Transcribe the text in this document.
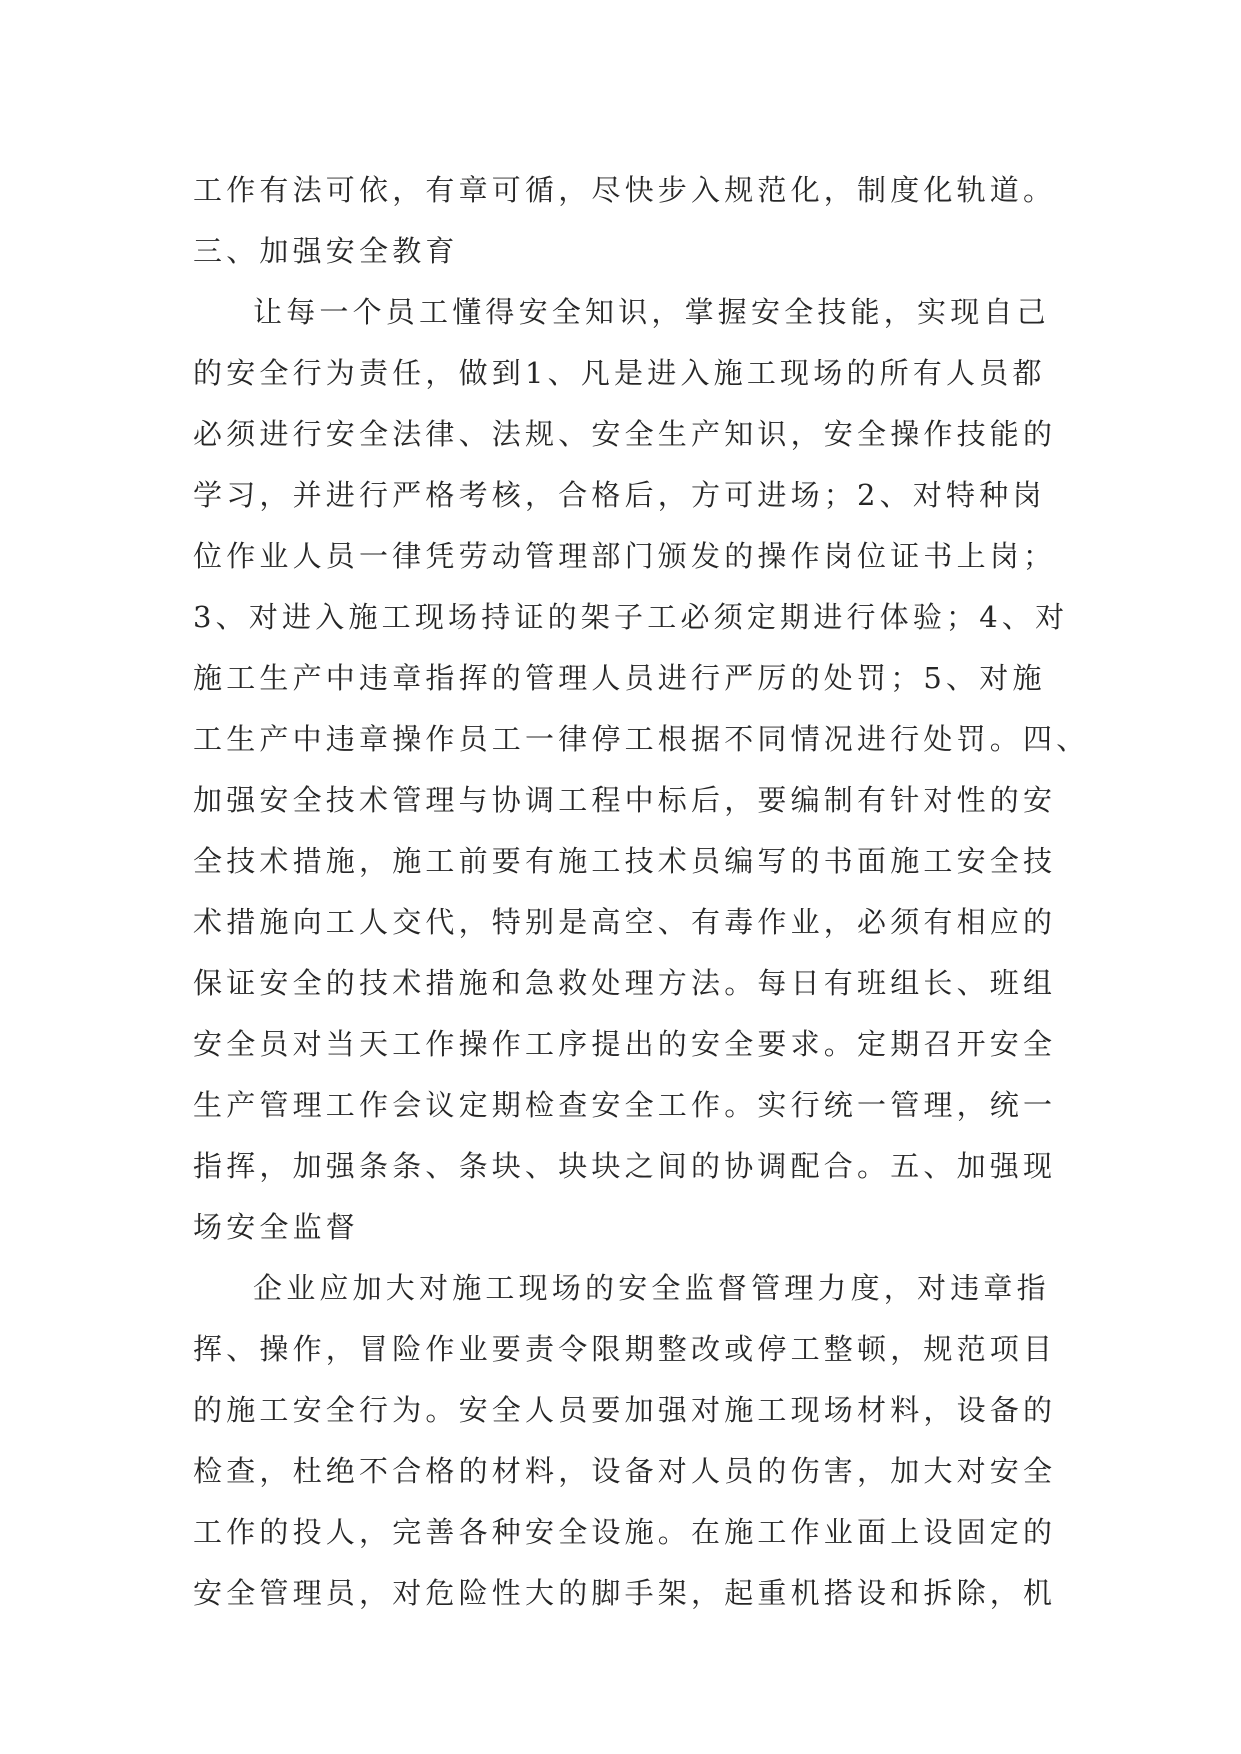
工作有法可依，有章可循，尽快步入规范化，制度化轨道。
三、加强安全教育
让每一个员工懂得安全知识，掌握安全技能，实现自己
的安全行为责任，做到1、凡是进入施工现场的所有人员都
必须进行安全法律、法规、安全生产知识，安全操作技能的
学习，并进行严格考核，合格后，方可进场；2、对特种岗
位作业人员一律凭劳动管理部门颁发的操作岗位证书上岗；
3、对进入施工现场持证的架子工必须定期进行体验；4、对
施工生产中违章指挥的管理人员进行严厉的处罚；5、对施
工生产中违章操作员工一律停工根据不同情况进行处罚。四、
加强安全技术管理与协调工程中标后，要编制有针对性的安
全技术措施，施工前要有施工技术员编写的书面施工安全技
术措施向工人交代，特别是高空、有毒作业，必须有相应的
保证安全的技术措施和急救处理方法。每日有班组长、班组
安全员对当天工作操作工序提出的安全要求。定期召开安全
生产管理工作会议定期检查安全工作。实行统一管理，统一
指挥，加强条条、条块、块块之间的协调配合。五、加强现
场安全监督
企业应加大对施工现场的安全监督管理力度，对违章指
挥、操作，冒险作业要责令限期整改或停工整顿，规范项目
的施工安全行为。安全人员要加强对施工现场材料，设备的
检查，杜绝不合格的材料，设备对人员的伤害，加大对安全
工作的投人，完善各种安全设施。在施工作业面上设固定的
安全管理员，对危险性大的脚手架，起重机搭设和拆除，机
